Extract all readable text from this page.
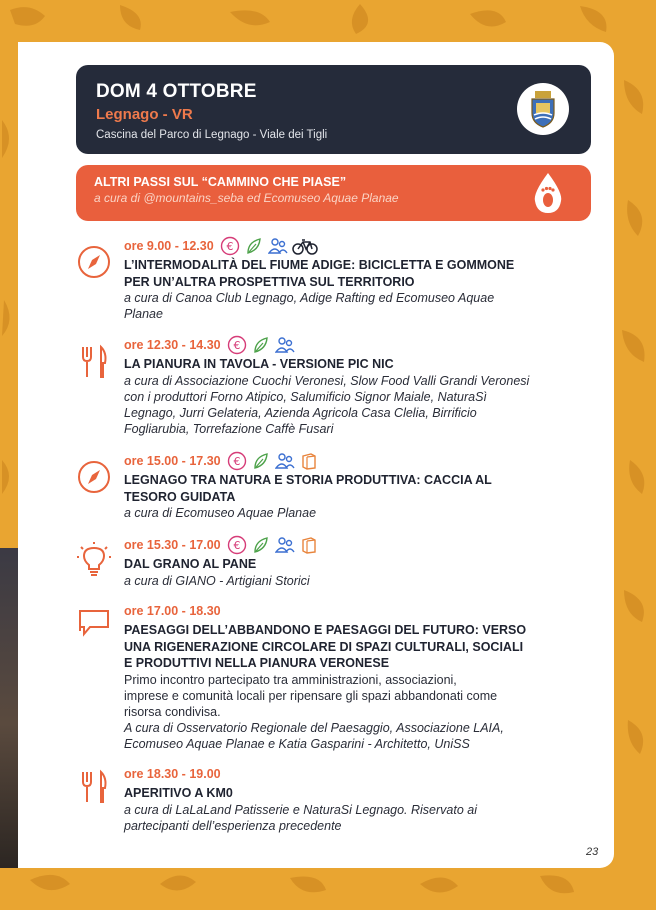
DOM 4 OTTOBRE
Legnago - VR
Cascina del Parco di Legnago - Viale dei Tigli
ALTRI PASSI SUL “CAMMINO CHE PIASE”
a cura di @mountains_seba ed Ecomuseo Aquae Planae
ore 9.00 - 12.30 €
L’INTERMODALITÀ DEL FIUME ADIGE: BICICLETTA E GOMMONE
PER UN’ALTRA PROSPETTIVA SUL TERRITORIO
a cura di Canoa Club Legnago, Adige Rafting ed Ecomuseo Aquae
Planae
ore 12.30 - 14.30 €
LA PIANURA IN TAVOLA - VERSIONE PIC NIC
a cura di Associazione Cuochi Veronesi, Slow Food Valli Grandi Veronesi
con i produttori Forno Atipico, Salumificio Signor Maiale, NaturaSì
Legnago, Jurri Gelateria, Azienda Agricola Casa Clelia, Birrificio
Fogliarubia, Torrefazione Caffè Fusari
ore 15.00 - 17.30 €
LEGNAGO TRA NATURA E STORIA PRODUTTIVA: CACCIA AL
TESORO GUIDATA
a cura di Ecomuseo Aquae Planae
ore 15.30 - 17.00 €
DAL GRANO AL PANE
a cura di GIANO - Artigiani Storici
ore 17.00 - 18.30
PAESAGGI DELL’ABBANDONO E PAESAGGI DEL FUTURO: VERSO
UNA RIGENERAZIONE CIRCOLARE DI SPAZI CULTURALI, SOCIALI
E PRODUTTIVI NELLA PIANURA VERONESE
Primo incontro partecipato tra amministrazioni, associazioni,
imprese e comunità locali per ripensare gli spazi abbandonati come
risorsa condivisa.
A cura di Osservatorio Regionale del Paesaggio, Associazione LAIA,
Ecomuseo Aquae Planae e Katia Gasparini - Architetto, UniSS
ore 18.30 - 19.00
APERITIVO A KM0
a cura di LaLaLand Patisserie e NaturaSi Legnago. Riservato ai
partecipanti dell’esperienza precedente
23
